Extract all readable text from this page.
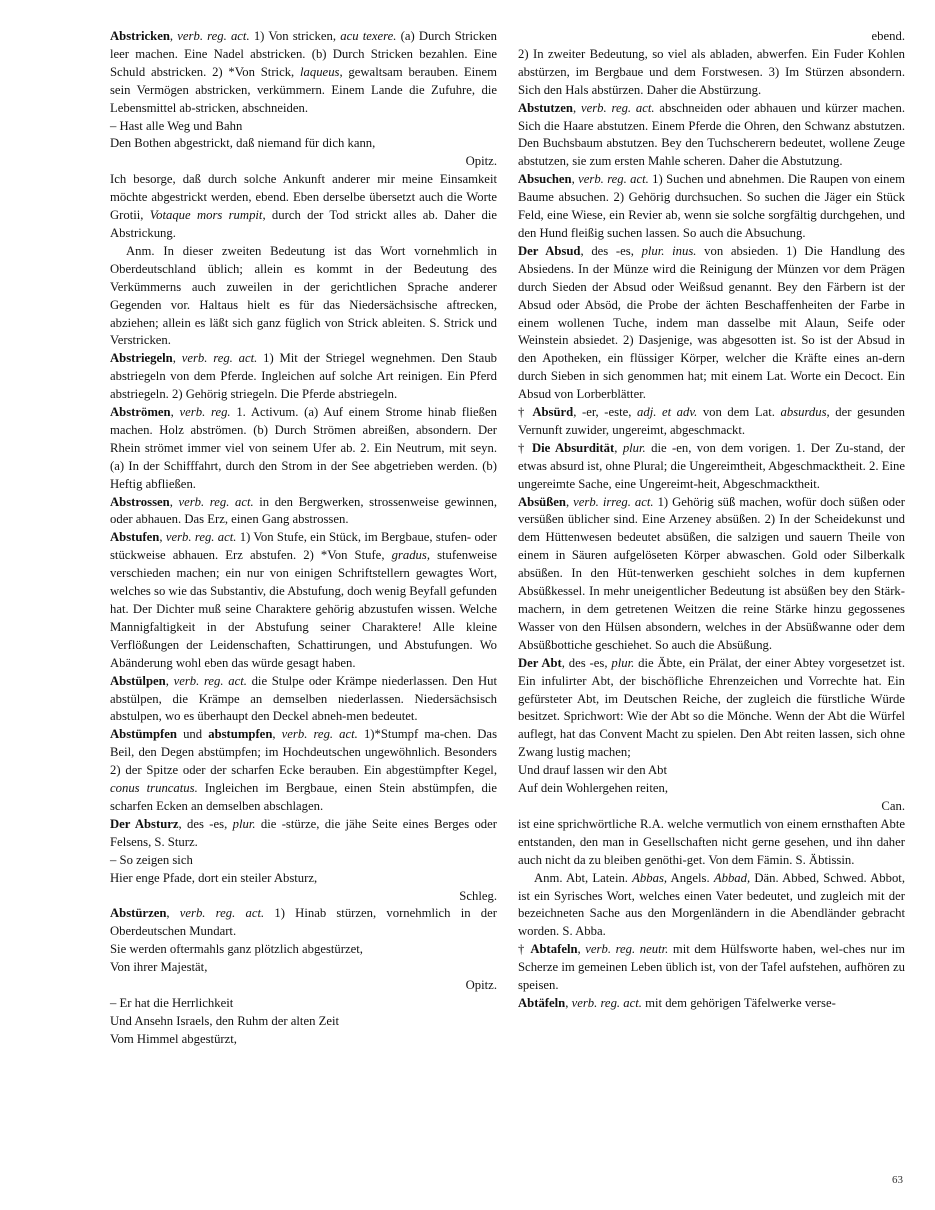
Abstricken, verb. reg. act. 1) Von stricken, acu texere. (a) Durch Stricken leer machen. Eine Nadel abstricken. (b) Durch Stricken bezahlen. Eine Schuld abstricken. 2) *Von Strick, laqueus, gewaltsam berauben. Einem sein Vermögen abstricken, verkümmern. Einem Lande die Zufuhre, die Lebensmittel ab-stricken, abschneiden.

– Hast alle Weg und Bahn

Den Bothen abgestrickt, daß niemand für dich kann,

Opitz.

Ich besorge, daß durch solche Ankunft anderer mir meine Einsamkeit möchte abgestrickt werden, ebend. Eben derselbe übersetzt auch die Worte Grotii, Votaque mors rumpit, durch der Tod strickt alles ab. Daher die Abstrickung.

Anm. In dieser zweiten Bedeutung ist das Wort vornehmlich in Oberdeutschland üblich; allein es kommt in der Bedeutung des Verkümmerns auch zuweilen in der gerichtlichen Sprache anderer Gegenden vor. Haltaus hielt es für das Niedersächsische aftrecken, abziehen; allein es läßt sich ganz füglich von Strick ableiten. S. Strick und Verstricken.

Abstriegeln, verb. reg. act. 1) Mit der Striegel wegnehmen. Den Staub abstriegeln von dem Pferde. Ingleichen auf solche Art reinigen. Ein Pferd abstriegeln. 2) Gehörig striegeln. Die Pferde abstriegeln.

Abströmen, verb. reg. 1. Activum. (a) Auf einem Strome hinab fließen machen. Holz abströmen. (b) Durch Strömen abreißen, absondern. Der Rhein strömet immer viel von seinem Ufer ab. 2. Ein Neutrum, mit seyn. (a) In der Schifffahrt, durch den Strom in der See abgetrieben werden. (b) Heftig abfließen.

Abstrossen, verb. reg. act. in den Bergwerken, strossenweise gewinnen, oder abhauen. Das Erz, einen Gang abstrossen.

Abstufen, verb. reg. act. 1) Von Stufe, ein Stück, im Bergbaue, stufen- oder stückweise abhauen. Erz abstufen. 2) *Von Stufe, gradus, stufenweise verschieden machen; ein nur von einigen Schriftstellern gewagtes Wort, welches so wie das Substantiv, die Abstufung, doch wenig Beyfall gefunden hat. Der Dichter muß seine Charaktere gehörig abzustufen wissen. Welche Mannigfaltigkeit in der Abstufung seiner Charaktere! Alle kleine Verflößungen der Leidenschaften, Schattirungen, und Abstufungen. Wo Abänderung wohl eben das würde gesagt haben.

Abstülpen, verb. reg. act. die Stulpe oder Krämpe niederlassen. Den Hut abstülpen, die Krämpe an demselben niederlassen. Niedersächsisch abstulpen, wo es überhaupt den Deckel abneh-men bedeutet.

Abstümpfen und abstumpfen, verb. reg. act. 1)*Stumpf ma-chen. Das Beil, den Degen abstümpfen; im Hochdeutschen ungewöhnlich. Besonders 2) der Spitze oder der scharfen Ecke berauben. Ein abgestümpfter Kegel, conus truncatus. Ingleichen im Bergbaue, einen Stein abstümpfen, die scharfen Ecken an demselben abschlagen.

Der Absturz, des -es, plur. die -stürze, die jähe Seite eines Berges oder Felsens, S. Sturz.

– So zeigen sich

Hier enge Pfade, dort ein steiler Absturz,

Schleg.

Abstürzen, verb. reg. act. 1) Hinab stürzen, vornehmlich in der Oberdeutschen Mundart.

Sie werden oftermahls ganz plötzlich abgestürzet,

Von ihrer Majestät,

Opitz.

– Er hat die Herrlichkeit

Und Ansehn Israels, den Ruhm der alten Zeit

Vom Himmel abgestürzt,

ebend.

2) In zweiter Bedeutung, so viel als abladen, abwerfen. Ein Fuder Kohlen abstürzen, im Bergbaue und dem Forstwesen. 3) Im Stürzen absondern. Sich den Hals abstürzen. Daher die Abstürzung.

Abstutzen, verb. reg. act. abschneiden oder abhauen und kürzer machen. Sich die Haare abstutzen. Einem Pferde die Ohren, den Schwanz abstutzen. Den Buchsbaum abstutzen. Bey den Tuchscherern bedeutet, wollene Zeuge abstutzen, sie zum ersten Mahle scheren. Daher die Abstutzung.

Absuchen, verb. reg. act. 1) Suchen und abnehmen. Die Raupen von einem Baume absuchen. 2) Gehörig durchsuchen. So suchen die Jäger ein Stück Feld, eine Wiese, ein Revier ab, wenn sie solche sorgfältig durchgehen, und den Hund fleißig suchen lassen. So auch die Absuchung.

Der Absud, des -es, plur. inus. von absieden. 1) Die Handlung des Absiedens. In der Münze wird die Reinigung der Münzen vor dem Prägen durch Sieden der Absud oder Weißsud genannt. Bey den Färbern ist der Absud oder Absöd, die Probe der ächten Beschaffenheiten der Farbe in einem wollenen Tuche, indem man dasselbe mit Alaun, Seife oder Weinstein absiedet. 2) Dasjenige, was abgesotten ist. So ist der Absud in den Apotheken, ein flüssiger Körper, welcher die Kräfte eines an-dern durch Sieben in sich genommen hat; mit einem Lat. Worte ein Decoct. Ein Absud von Lorberblätter.

† Absürd, -er, -este, adj. et adv. von dem Lat. absurdus, der gesunden Vernunft zuwider, ungereimt, abgeschmackt.

† Die Absurdität, plur. die -en, von dem vorigen. 1. Der Zu-stand, der etwas absurd ist, ohne Plural; die Ungereimtheit, Abgeschmacktheit. 2. Eine ungereimte Sache, eine Ungereimt-heit, Abgeschmacktheit.

Absüßen, verb. irreg. act. 1) Gehörig süß machen, wofür doch süßen oder versüßen üblicher sind. Eine Arzeney absüßen. 2) In der Scheidekunst und dem Hüttenwesen bedeutet absüßen, die salzigen und sauern Theile von einem in Säuren aufgelöseten Körper abwaschen. Gold oder Silberkalk absüßen. In den Hüt-tenwerken geschieht solches in dem kupfernen Absüßkessel. In mehr uneigentlicher Bedeutung ist absüßen bey den Stärk-machern, in dem getretenen Weitzen die reine Stärke hinzu gegossenes Wasser von den Hülsen absondern, welches in der Absüßwanne oder dem Absüßbottiche geschiehet. So auch die Absüßung.

Der Abt, des -es, plur. die Äbte, ein Prälat, der einer Abtey vorgesetzet ist. Ein infulirter Abt, der bischöfliche Ehrenzeichen und Vorrechte hat. Ein gefürsteter Abt, im Deutschen Reiche, der zugleich die fürstliche Würde besitzet. Sprichwort: Wie der Abt so die Mönche. Wenn der Abt die Würfel auflegt, hat das Convent Macht zu spielen. Den Abt reiten lassen, sich ohne Zwang lustig machen;

Und drauf lassen wir den Abt

Auf dein Wohlergehen reiten,

Can.

ist eine sprichwörtliche R.A. welche vermutlich von einem ernsthaften Abte entstanden, den man in Gesellschaften nicht gerne gesehen, und ihn daher auch nicht da zu bleiben genöthi-get. Von dem Fämin. S. Äbtissin.

Anm. Abt, Latein. Abbas, Angels. Abbad, Dän. Abbed, Schwed. Abbot, ist ein Syrisches Wort, welches einen Vater bedeutet, und zugleich mit der bezeichneten Sache aus den Morgenländern in die Abendländer gebracht worden. S. Abba.

† Abtafeln, verb. reg. neutr. mit dem Hülfsworte haben, wel-ches nur im Scherze im gemeinen Leben üblich ist, von der Tafel aufstehen, aufhören zu speisen.

Abtäfeln, verb. reg. act. mit dem gehörigen Täfelwerke verse-

63
